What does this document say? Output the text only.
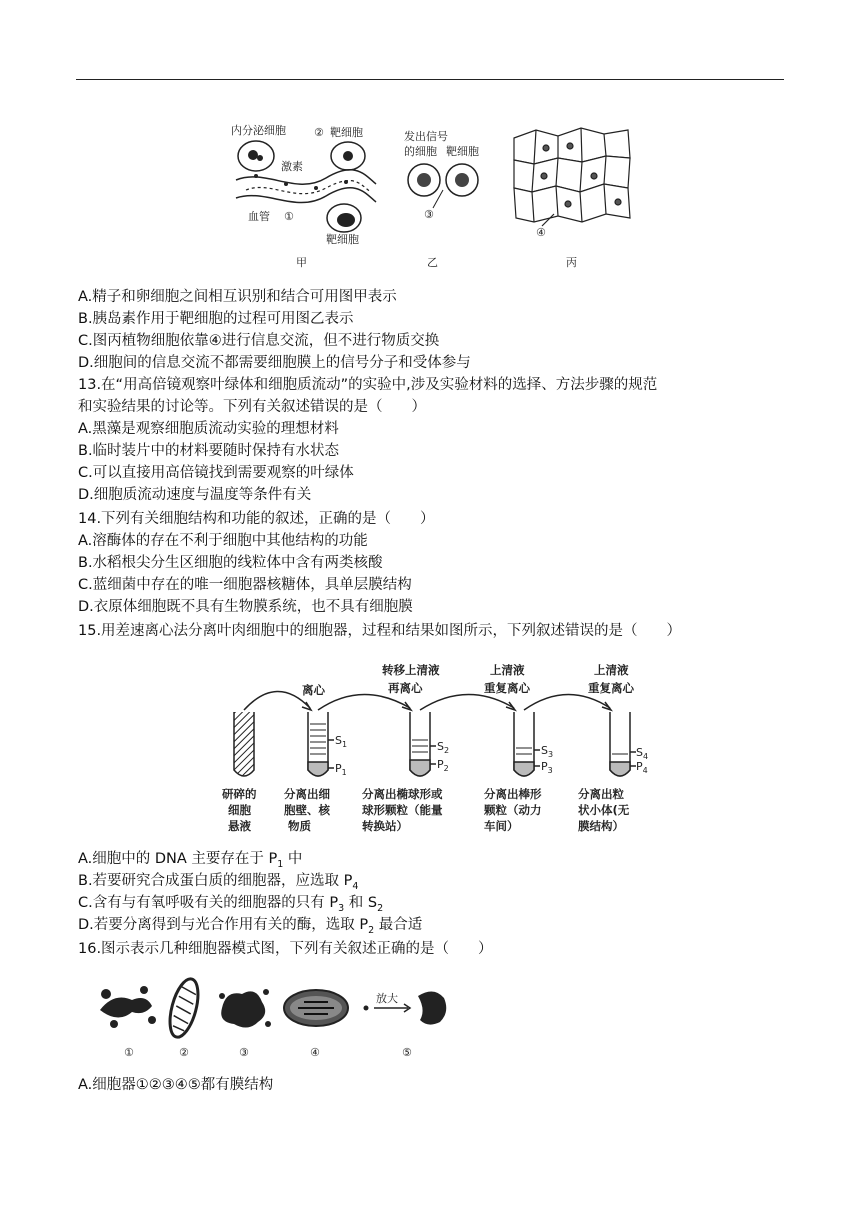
内分泌细胞	② 靶细胞
激素
血管 ①
靶细胞
甲
发出信号
的细胞 靶细胞
③
乙
④
丙
A.精子和卵细胞之间相互识别和结合可用图甲表示
B.胰岛素作用于靶细胞的过程可用图乙表示
C.图丙植物细胞依靠④进行信息交流，但不进行物质交换
D.细胞间的信息交流不都需要细胞膜上的信号分子和受体参与
13.在“用高倍镜观察叶绿体和细胞质流动”的实验中,涉及实验材料的选择、方法步骤的规范
和实验结果的讨论等。下列有关叙述错误的是（　　）
A.黑藻是观察细胞质流动实验的理想材料
B.临时装片中的材料要随时保持有水状态
C.可以直接用高倍镜找到需要观察的叶绿体
D.细胞质流动速度与温度等条件有关
14.下列有关细胞结构和功能的叙述，正确的是（　　）
A.溶酶体的存在不利于细胞中其他结构的功能
B.水稻根尖分生区细胞的线粒体中含有两类核酸
C.蓝细菌中存在的唯一细胞器核糖体，具单层膜结构
D.衣原体细胞既不具有生物膜系统，也不具有细胞膜
15.用差速离心法分离叶肉细胞中的细胞器，过程和结果如图所示，下列叙述错误的是（　　）
离心
转移上清液
再离心
上清液
重复离心
上清液
重复离心
$S_1$
$P_1$
$S_2$
$P_2$
$S_3$
$P_3$
$S_4$
$P_4$
研碎的
细胞
悬液
分离出细
胞壁、核
物质
分离出椭球形或
球形颗粒（能量
转换站）
分离出棒形
颗粒（动力
车间）
分离出粒
状小体(无
膜结构）
A.细胞中的 DNA 主要存在于 $P_1$ 中
B.若要研究合成蛋白质的细胞器，应选取 $P_4$
C.含有与有氧呼吸有关的细胞器的只有 $P_3$ 和 $S_2$
D.若要分离得到与光合作用有关的酶，选取 $P_2$ 最合适
16.图示表示几种细胞器模式图，下列有关叙述正确的是（　　）
放大
①	②	③	④	⑤
A.细胞器①②③④⑤都有膜结构
